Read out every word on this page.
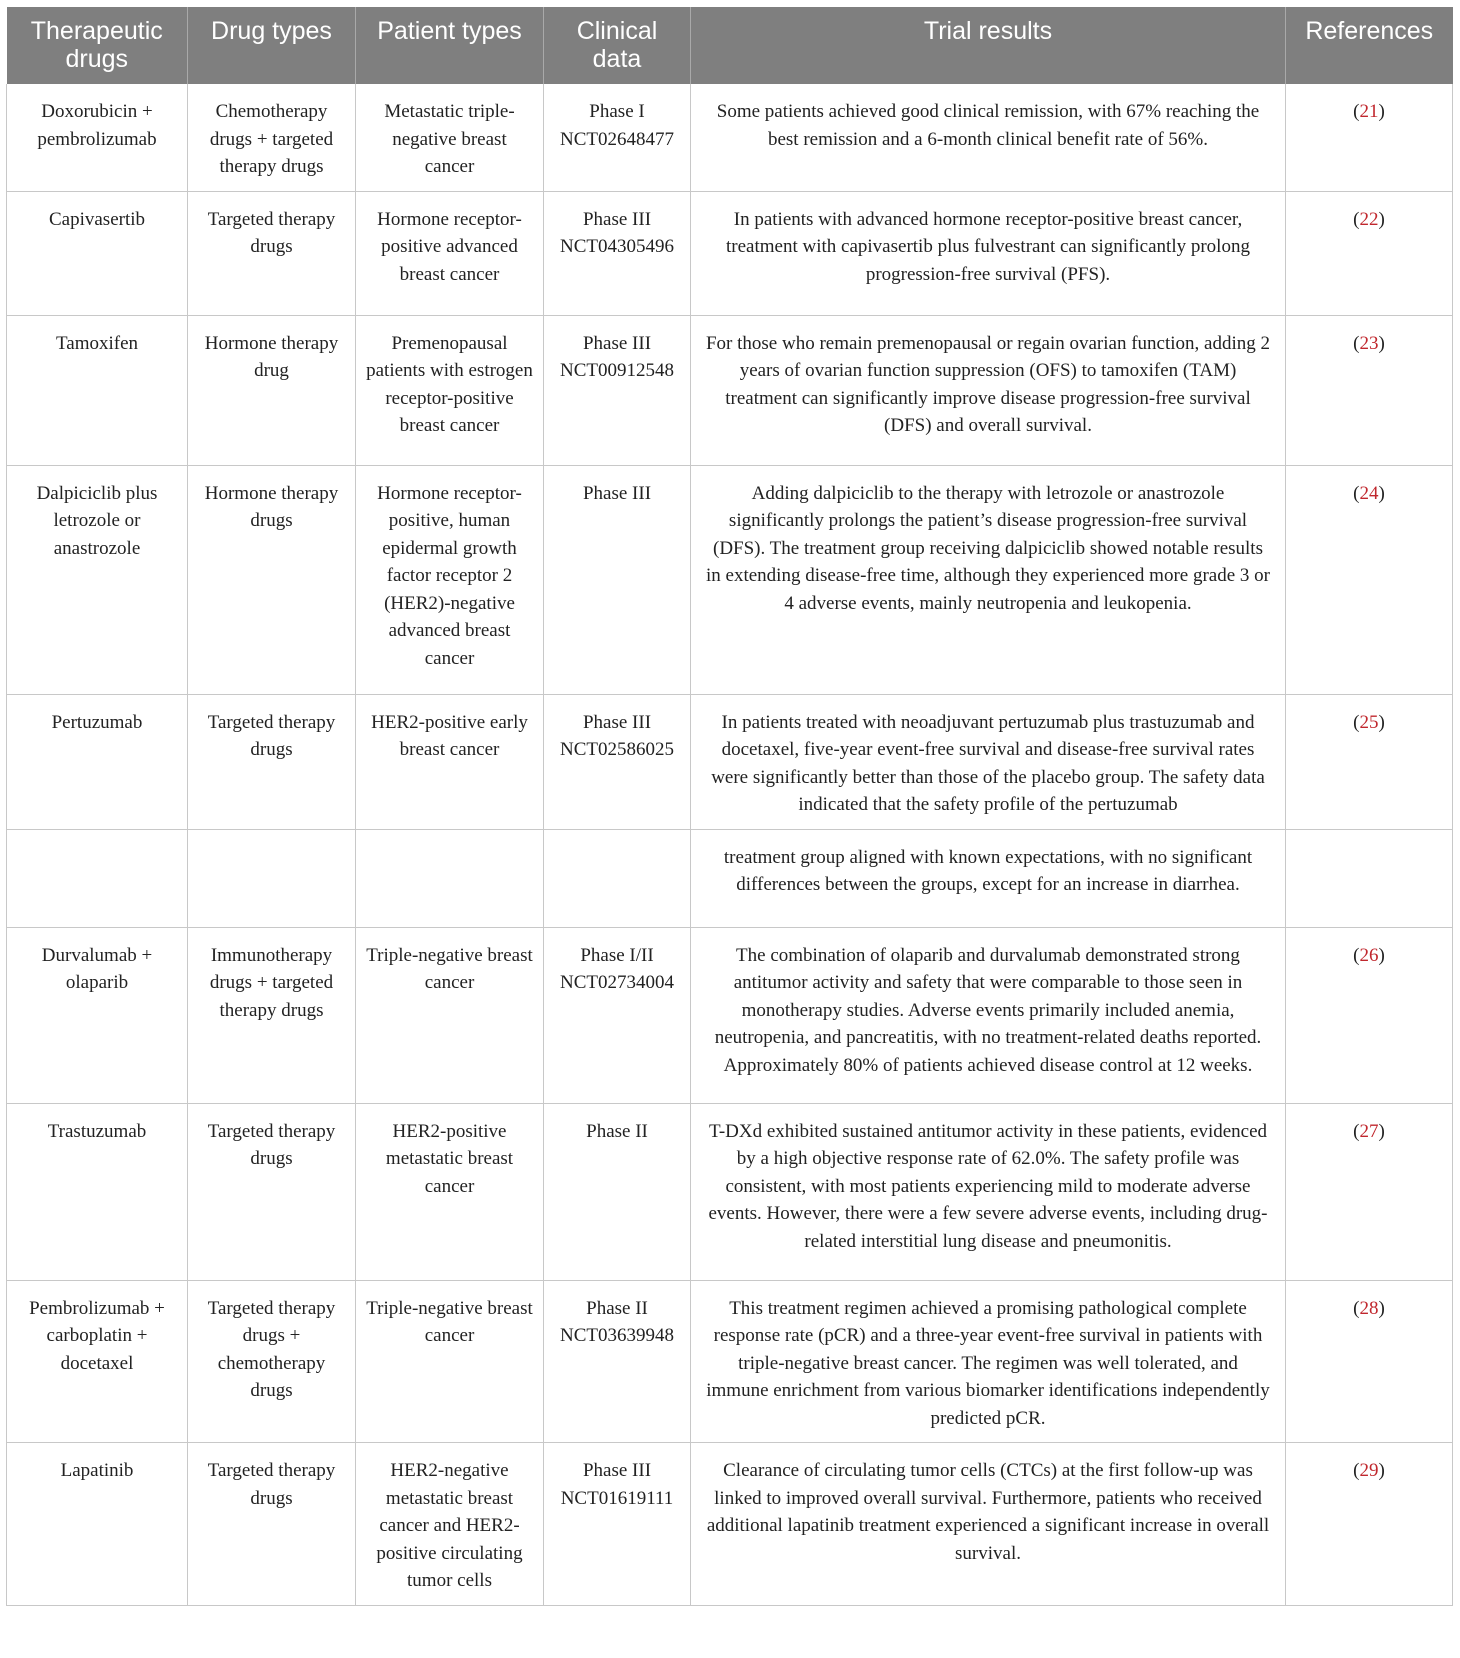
Therapeutic drugs	Drug types	Patient types	Clinical data	Trial results	References
Doxorubicin + pembrolizumab	Chemotherapy drugs + targeted therapy drugs	Metastatic triple-negative breast cancer	Phase I NCT02648477	Some patients achieved good clinical remission, with 67% reaching the best remission and a 6-month clinical benefit rate of 56%.	(21)
Capivasertib	Targeted therapy drugs	Hormone receptor-positive advanced breast cancer	Phase III NCT04305496	In patients with advanced hormone receptor-positive breast cancer, treatment with capivasertib plus fulvestrant can significantly prolong progression-free survival (PFS).	(22)
Tamoxifen	Hormone therapy drug	Premenopausal patients with estrogen receptor-positive breast cancer	Phase III NCT00912548	For those who remain premenopausal or regain ovarian function, adding 2 years of ovarian function suppression (OFS) to tamoxifen (TAM) treatment can significantly improve disease progression-free survival (DFS) and overall survival.	(23)
Dalpiciclib plus letrozole or anastrozole	Hormone therapy drugs	Hormone receptor-positive, human epidermal growth factor receptor 2 (HER2)-negative advanced breast cancer	Phase III	Adding dalpiciclib to the therapy with letrozole or anastrozole significantly prolongs the patient’s disease progression-free survival (DFS). The treatment group receiving dalpiciclib showed notable results in extending disease-free time, although they experienced more grade 3 or 4 adverse events, mainly neutropenia and leukopenia.	(24)
Pertuzumab	Targeted therapy drugs	HER2-positive early breast cancer	Phase III NCT02586025	In patients treated with neoadjuvant pertuzumab plus trastuzumab and docetaxel, five-year event-free survival and disease-free survival rates were significantly better than those of the placebo group. The safety data indicated that the safety profile of the pertuzumab	(25)
				treatment group aligned with known expectations, with no significant differences between the groups, except for an increase in diarrhea.	
Durvalumab + olaparib	Immunotherapy drugs + targeted therapy drugs	Triple-negative breast cancer	Phase I/II NCT02734004	The combination of olaparib and durvalumab demonstrated strong antitumor activity and safety that were comparable to those seen in monotherapy studies. Adverse events primarily included anemia, neutropenia, and pancreatitis, with no treatment-related deaths reported. Approximately 80% of patients achieved disease control at 12 weeks.	(26)
Trastuzumab	Targeted therapy drugs	HER2-positive metastatic breast cancer	Phase II	T-DXd exhibited sustained antitumor activity in these patients, evidenced by a high objective response rate of 62.0%. The safety profile was consistent, with most patients experiencing mild to moderate adverse events. However, there were a few severe adverse events, including drug-related interstitial lung disease and pneumonitis.	(27)
Pembrolizumab + carboplatin + docetaxel	Targeted therapy drugs + chemotherapy drugs	Triple-negative breast cancer	Phase II NCT03639948	This treatment regimen achieved a promising pathological complete response rate (pCR) and a three-year event-free survival in patients with triple-negative breast cancer. The regimen was well tolerated, and immune enrichment from various biomarker identifications independently predicted pCR.	(28)
Lapatinib	Targeted therapy drugs	HER2-negative metastatic breast cancer and HER2-positive circulating tumor cells	Phase III NCT01619111	Clearance of circulating tumor cells (CTCs) at the first follow-up was linked to improved overall survival. Furthermore, patients who received additional lapatinib treatment experienced a significant increase in overall survival.	(29)
